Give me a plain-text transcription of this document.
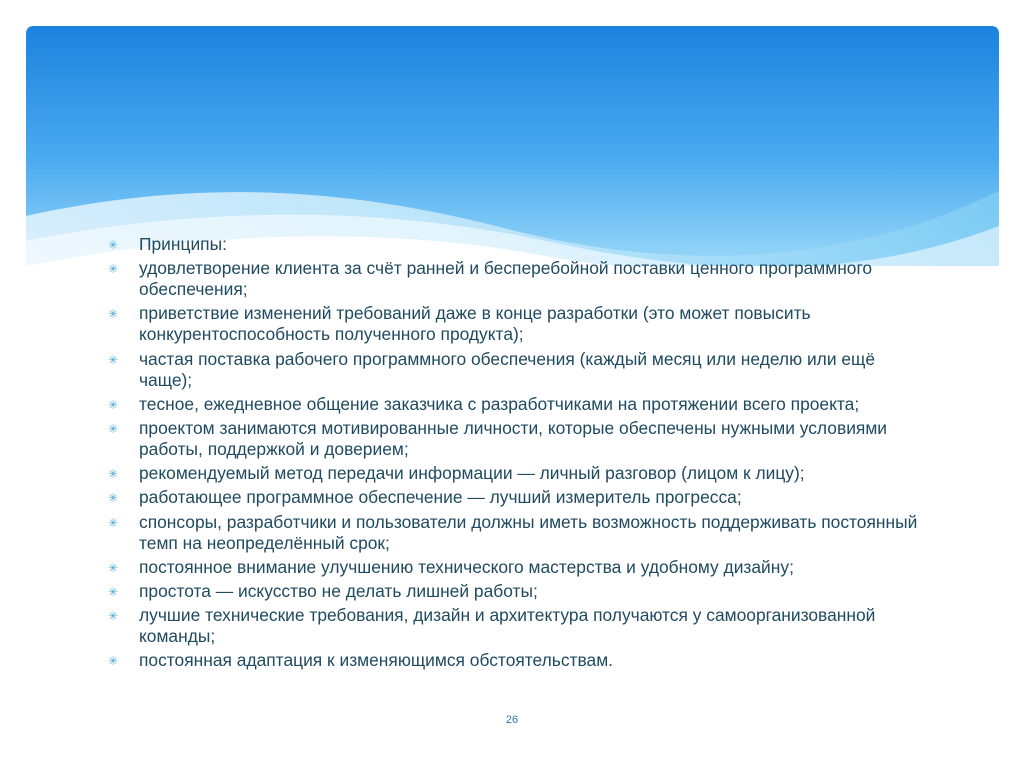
✳ Принципы:
✳ удовлетворение клиента за счёт ранней и бесперебойной поставки ценного программного обеспечения;
✳ приветствие изменений требований даже в конце разработки (это может повысить конкурентоспособность полученного продукта);
✳ частая поставка рабочего программного обеспечения (каждый месяц или неделю или ещё чаще);
✳ тесное, ежедневное общение заказчика с разработчиками на протяжении всего проекта;
✳ проектом занимаются мотивированные личности, которые обеспечены нужными условиями работы, поддержкой и доверием;
✳ рекомендуемый метод передачи информации — личный разговор (лицом к лицу);
✳ работающее программное обеспечение — лучший измеритель прогресса;
✳ спонсоры, разработчики и пользователи должны иметь возможность поддерживать постоянный темп на неопределённый срок;
✳ постоянное внимание улучшению технического мастерства и удобному дизайну;
✳ простота — искусство не делать лишней работы;
✳ лучшие технические требования, дизайн и архитектура получаются у самоорганизованной команды;
✳ постоянная адаптация к изменяющимся обстоятельствам.
26
